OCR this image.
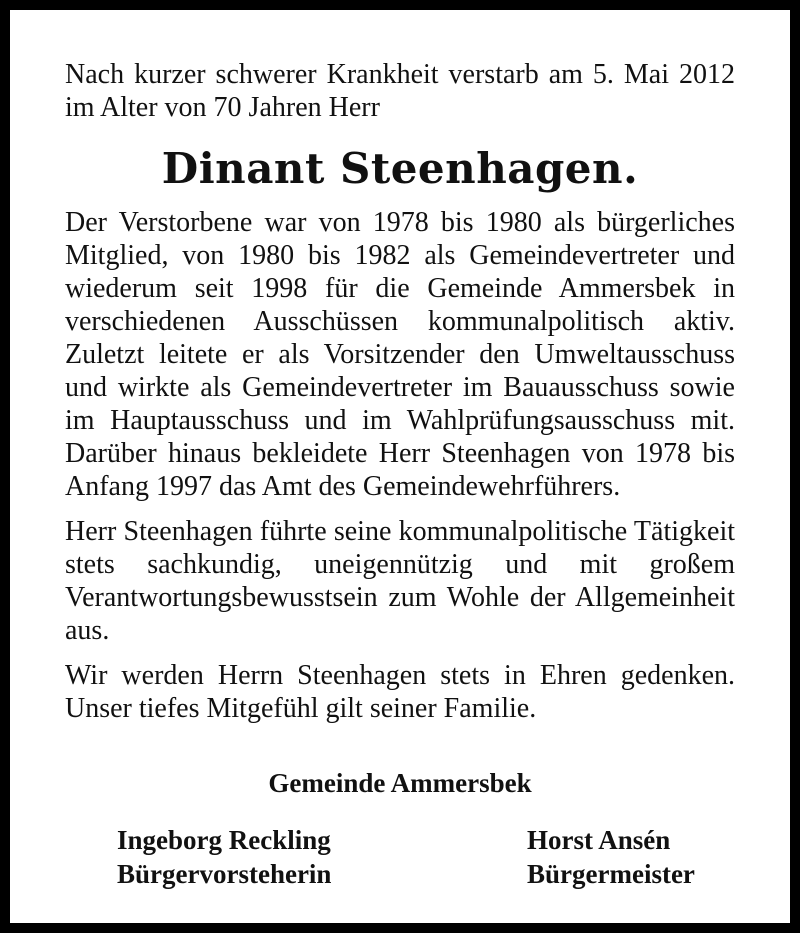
Nach kurzer schwerer Krankheit verstarb am 5. Mai 2012 im Alter von 70 Jahren Herr

Dinant Steenhagen.

Der Verstorbene war von 1978 bis 1980 als bürgerliches Mitglied, von 1980 bis 1982 als Gemeindevertreter und wiederum seit 1998 für die Gemeinde Ammersbek in verschiedenen Ausschüssen kommunalpolitisch aktiv. Zuletzt leitete er als Vorsitzender den Umweltausschuss und wirkte als Gemeindevertreter im Bauausschuss sowie im Hauptausschuss und im Wahlprüfungsausschuss mit. Darüber hinaus bekleidete Herr Steenhagen von 1978 bis Anfang 1997 das Amt des Gemeindewehrführers.

Herr Steenhagen führte seine kommunalpolitische Tätigkeit stets sachkundig, uneigennützig und mit großem Verantwortungsbewusstsein zum Wohle der Allgemeinheit aus.

Wir werden Herrn Steenhagen stets in Ehren gedenken. Unser tiefes Mitgefühl gilt seiner Familie.

Gemeinde Ammersbek
Ingeborg Reckling
Bürgervorsteherin
Horst Ansén
Bürgermeister
